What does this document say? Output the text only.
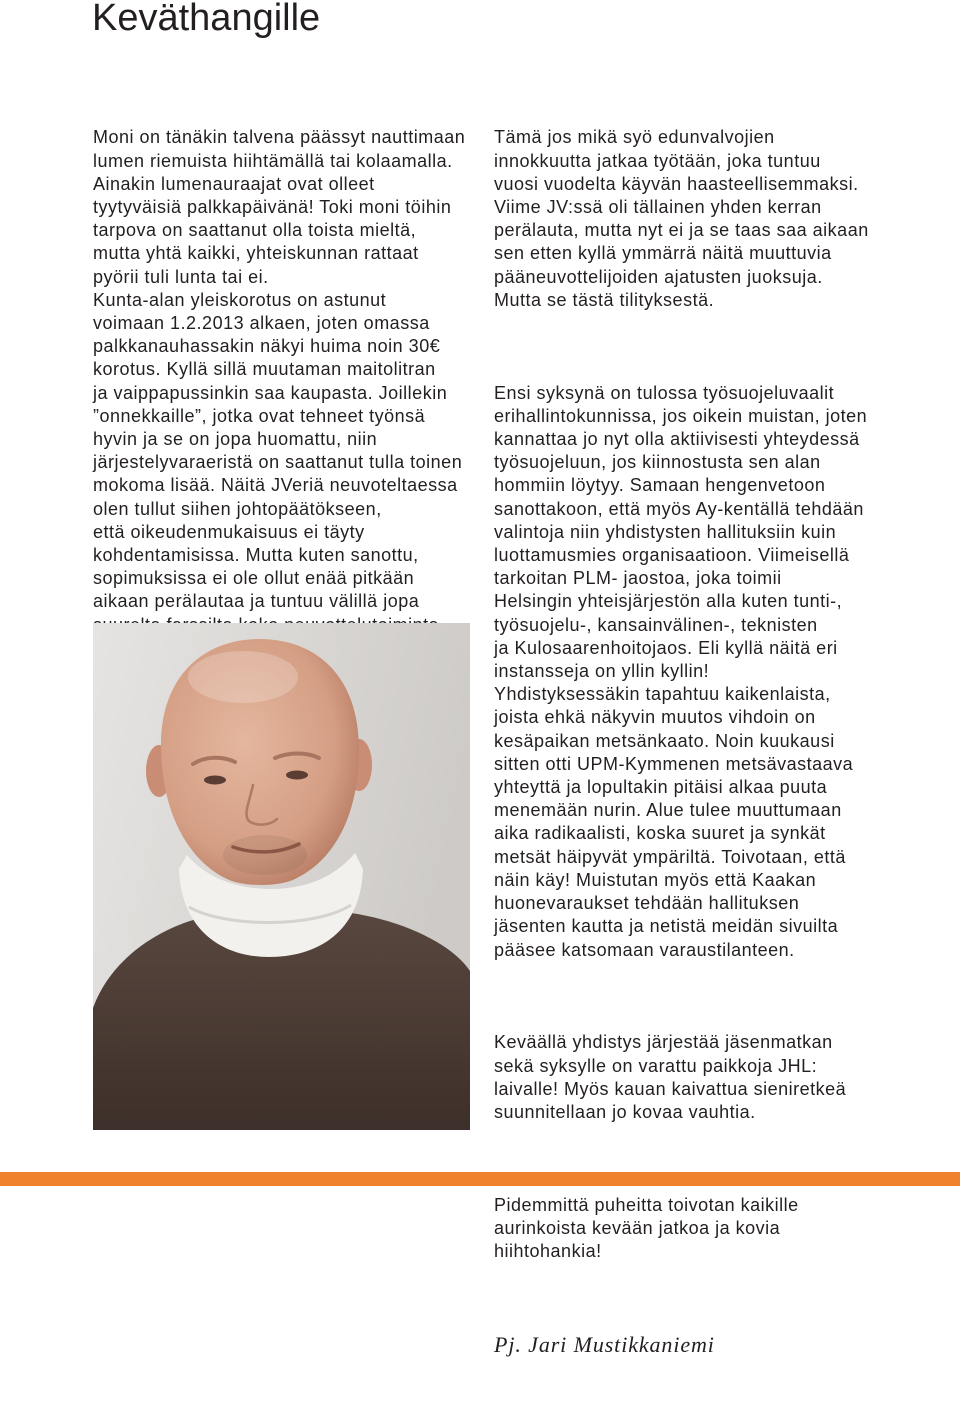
Keväthangille

Moni on tänäkin talvena päässyt nauttimaan
lumen riemuista hiihtämällä tai kolaamalla.
Ainakin lumenauraajat ovat olleet
tyytyväisiä palkkapäivänä! Toki moni töihin
tarpova on saattanut olla toista mieltä,
mutta yhtä kaikki, yhteiskunnan rattaat
pyörii tuli lunta tai ei.
Kunta-alan yleiskorotus on astunut
voimaan 1.2.2013 alkaen, joten omassa
palkkanauhassakin näkyi huima noin 30€
korotus. Kyllä sillä muutaman maitolitran
ja vaippapussinkin saa kaupasta. Joillekin
”onnekkaille”, jotka ovat tehneet työnsä
hyvin ja se on jopa huomattu, niin
järjestelyvaraeristä on saattanut tulla toinen
mokoma lisää. Näitä JVeriä neuvoteltaessa
olen tullut siihen johtopäätökseen,
että oikeudenmukaisuus ei täyty
kohdentamisissa. Mutta kuten sanottu,
sopimuksissa ei ole ollut enää pitkään
aikaan perälautaa ja tuntuu välillä jopa

Tämä jos mikä syö edunvalvojien
innokkuutta jatkaa työtään, joka tuntuu
vuosi vuodelta käyvän haasteellisemmaksi.
Viime JV:ssä oli tällainen yhden kerran
perälauta, mutta nyt ei ja se taas saa aikaan
sen etten kyllä ymmärrä näitä muuttuvia
pääneuvottelijoiden ajatusten juoksuja.
Mutta se tästä tilityksestä.

Ensi syksynä on tulossa työsuojeluvaalit
erihallintokunnissa, jos oikein muistan, joten
kannattaa jo nyt olla aktiivisesti yhteydessä
työsuojeluun, jos kiinnostusta sen alan
hommiin löytyy. Samaan hengenvetoon
sanottakoon, että myös Ay-kentällä tehdään
valintoja niin yhdistysten hallituksiin kuin
luottamusmies organisaatioon. Viimeisellä
tarkoitan PLM- jaostoa, joka toimii
Helsingin yhteisjärjestön alla kuten tunti-,
työsuojelu-, kansainvälinen-, teknisten
ja Kulosaarenhoitojaos. Eli kyllä näitä eri
instansseja on yllin kyllin!
Yhdistyksessäkin tapahtuu kaikenlaista,
joista ehkä näkyvin muutos vihdoin on
kesäpaikan metsänkaato. Noin kuukausi
sitten otti UPM-Kymmenen metsävastaava
yhteyttä ja lopultakin pitäisi alkaa puuta
menemään nurin. Alue tulee muuttumaan
aika radikaalisti, koska suuret ja synkät
metsät häipyvät ympäriltä. Toivotaan, että
näin käy! Muistutan myös että Kaakan
huonevaraukset tehdään hallituksen
jäsenten kautta ja netistä meidän sivuilta
pääsee katsomaan varaustilanteen.

Keväällä yhdistys järjestää jäsenmatkan
sekä syksylle on varattu paikkoja JHL:
laivalle! Myös kauan kaivattua sieniretkeä
suunnitellaan jo kovaa vauhtia.

Pidemmittä puheitta toivotan kaikille
aurinkoista kevään jatkoa ja kovia
hiihtohankia!

Pj. Jari Mustikkaniemi
